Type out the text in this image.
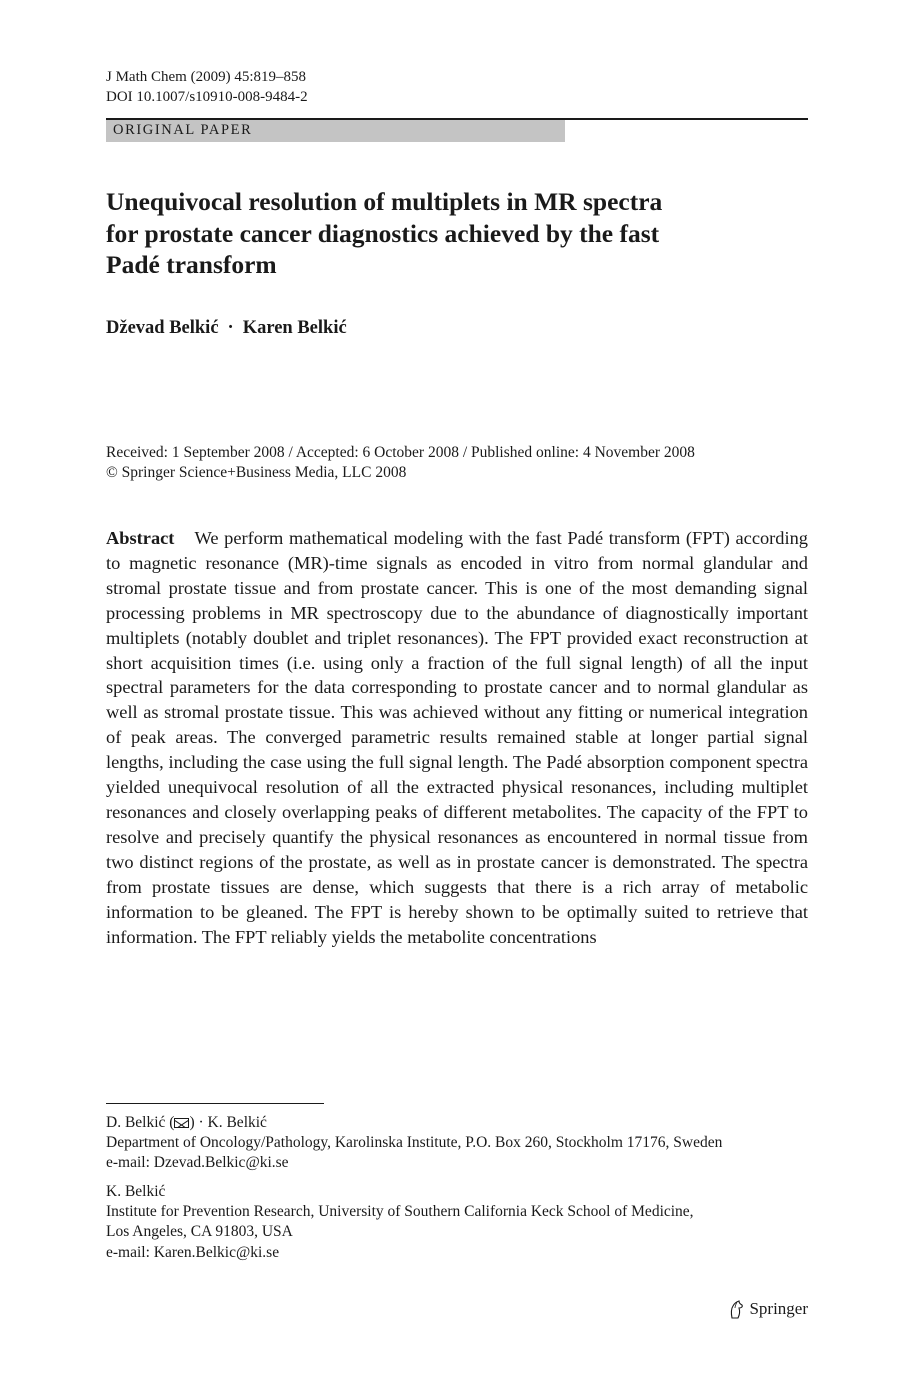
J Math Chem (2009) 45:819–858
DOI 10.1007/s10910-008-9484-2
ORIGINAL PAPER
Unequivocal resolution of multiplets in MR spectra
for prostate cancer diagnostics achieved by the fast
Padé transform
Dževad Belkić · Karen Belkić
Received: 1 September 2008 / Accepted: 6 October 2008 / Published online: 4 November 2008
© Springer Science+Business Media, LLC 2008

Abstract We perform mathematical modeling with the fast Padé transform (FPT) according to magnetic resonance (MR)-time signals as encoded in vitro from normal glandular and stromal prostate tissue and from prostate cancer. This is one of the most demanding signal processing problems in MR spectroscopy due to the abundance of diagnostically important multiplets (notably doublet and triplet resonances). The FPT provided exact reconstruction at short acquisition times (i.e. using only a fraction of the full signal length) of all the input spectral parameters for the data corresponding to prostate cancer and to normal glandular as well as stromal prostate tissue. This was achieved without any fitting or numerical integration of peak areas. The converged parametric results remained stable at longer partial signal lengths, including the case using the full signal length. The Padé absorption component spectra yielded unequivocal resolution of all the extracted physical resonances, including multiplet resonances and closely overlapping peaks of different metabolites. The capacity of the FPT to resolve and precisely quantify the physical resonances as encountered in normal tissue from two distinct regions of the prostate, as well as in prostate cancer is demonstrated. The spectra from prostate tissues are dense, which suggests that there is a rich array of metabolic information to be gleaned. The FPT is hereby shown to be optimally suited to retrieve that information. The FPT reliably yields the metabolite concentrations

D. Belkić ( ) · K. Belkić
Department of Oncology/Pathology, Karolinska Institute, P.O. Box 260, Stockholm 17176, Sweden
e-mail: Dzevad.Belkic@ki.se
K. Belkić
Institute for Prevention Research, University of Southern California Keck School of Medicine,
Los Angeles, CA 91803, USA
e-mail: Karen.Belkic@ki.se
Springer
